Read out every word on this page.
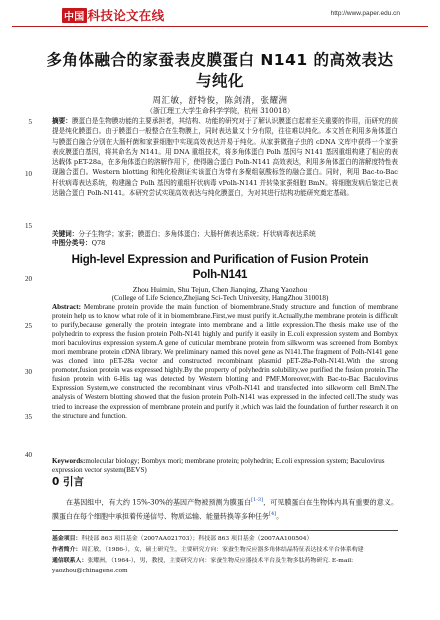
中国 科技论文在线	http://www.paper.edu.cn
多角体融合的家蚕表皮膜蛋白 N141 的高效表达与纯化
周汇敏，舒特俊，陈剑清，张耀洲
（浙江理工大学生命科学学院，杭州 310018）
5
10
15
20
25
30
35
40
摘要：膜蛋白是生物膜功能的主要承担者，其结构、功能的研究对于了解认识膜蛋白起着至关重要的作用，而研究的前提是纯化膜蛋白。由于膜蛋白一般整合在生物膜上，同时表达量又十分有限，往往难以纯化。本文旨在利用多角体蛋白与膜蛋白融合分别在大肠杆菌和家蚕细胞中实现高效表达并易于纯化。从家蚕微孢子虫的 cDNA 文库中获得一个家蚕表皮膜蛋白基因，将其命名为 N141。用 DNA 重组技术，将多角体蛋白 Polh 基因与 N141 基因重组构建了相应的表达载体 pET-28a，在多角体蛋白的溶解作用下，使得融合蛋白 Polh-N141 高效表达，利用多角体蛋白的溶解度特性表现融合蛋白。Western blotting 和纯化检测证实该蛋白为带有多聚组氨酸标签的融合蛋白。同时，利用 Bac-to-Bac 杆状病毒表达系统，构建融合 Polh 基因的重组杆状病毒 vPolh-N141 并转染家蚕细胞 BmN。将细胞发病后鉴定已表达融合蛋白 Polh-N141。本研究尝试实现高效表达与纯化膜蛋白，为对其进行结构功能研究奠定基础。
关键词：分子生物学；家蚕；膜蛋白；多角体蛋白；大肠杆菌表达系统；杆状病毒表达系统
中图分类号：Q78
High-level Expression and Purification of Fusion Protein Polh-N141
Zhou Huimin, Shu Tejun, Chen Jianqing, Zhang Yaozhou
(College of Life Science,Zhejiang Sci-Tech University, HangZhou 310018)
Abstract: Membrane protein provide the main function of biomembrane.Study structure and function of membrane protein help us to know what role of it in biomembrane.First,we must purify it.Actually,the membrane protein is difficult to purify,because generally the protein integrate into membrane and a little expression.The thesis make use of the polyhedrin to express the fusion protein Polh-N141 highly and purify it easily in E.coli expression system and Bombyx mori baculovirus expression system.A gene of cuticular membrane protein from silkworm was screened from Bombyx mori membrane protein cDNA library. We preliminary named this novel gene as N141.The fragment of Polh-N141 gene was cloned into pET-28a vector and constructed recombinant plasmid pET-28a-Polh-N141.With the strong promoter,fusion protein was expressed highly.By the property of polyhedrin solubility,we purified the fusion protein.The fusion protein with 6-His tag was detected by Western blotting and PMF.Moreover,with Bac-to-Bac Baculovirus Expression System,we constructed the recombinant virus vPolh-N141 and transfected into silkworm cell BmN.The analysis of Western blotting showed that the fusion protein Polh-N141 was expressed in the infected cell.The study was tried to increase the expression of membrane protein and purify it ,which was laid the foundation of further research it on the structure and function.
Keywords:molecular biology; Bombyx mori; membrane protein; polyhedrin; E.coli expression system; Baculovirus expression vector system(BEVS)
0 引言
在基因组中，有大约 15%-30%的基因产物被预测为膜蛋白[1-3]，可见膜蛋白在生物体内具有重要的意义。膜蛋白在每个细胞中承担着传递信号、物质运输、能量转换等多种任务[4]。
基金项目：科技部 863 项目基金（2007AA021703）；科技部 863 项目基金（2007AA100504）
作者简介：周汇敏，（1986-），女，硕士研究生，主要研究方向：家蚕生物反应器多角体结晶特征表达技术平台体系构建
通信联系人：张耀洲，（1964-），男，教授，主要研究方向：家蚕生物反应器技术平台及生物多肽药物研究. E-mail: yaozhou@chinagene.com
